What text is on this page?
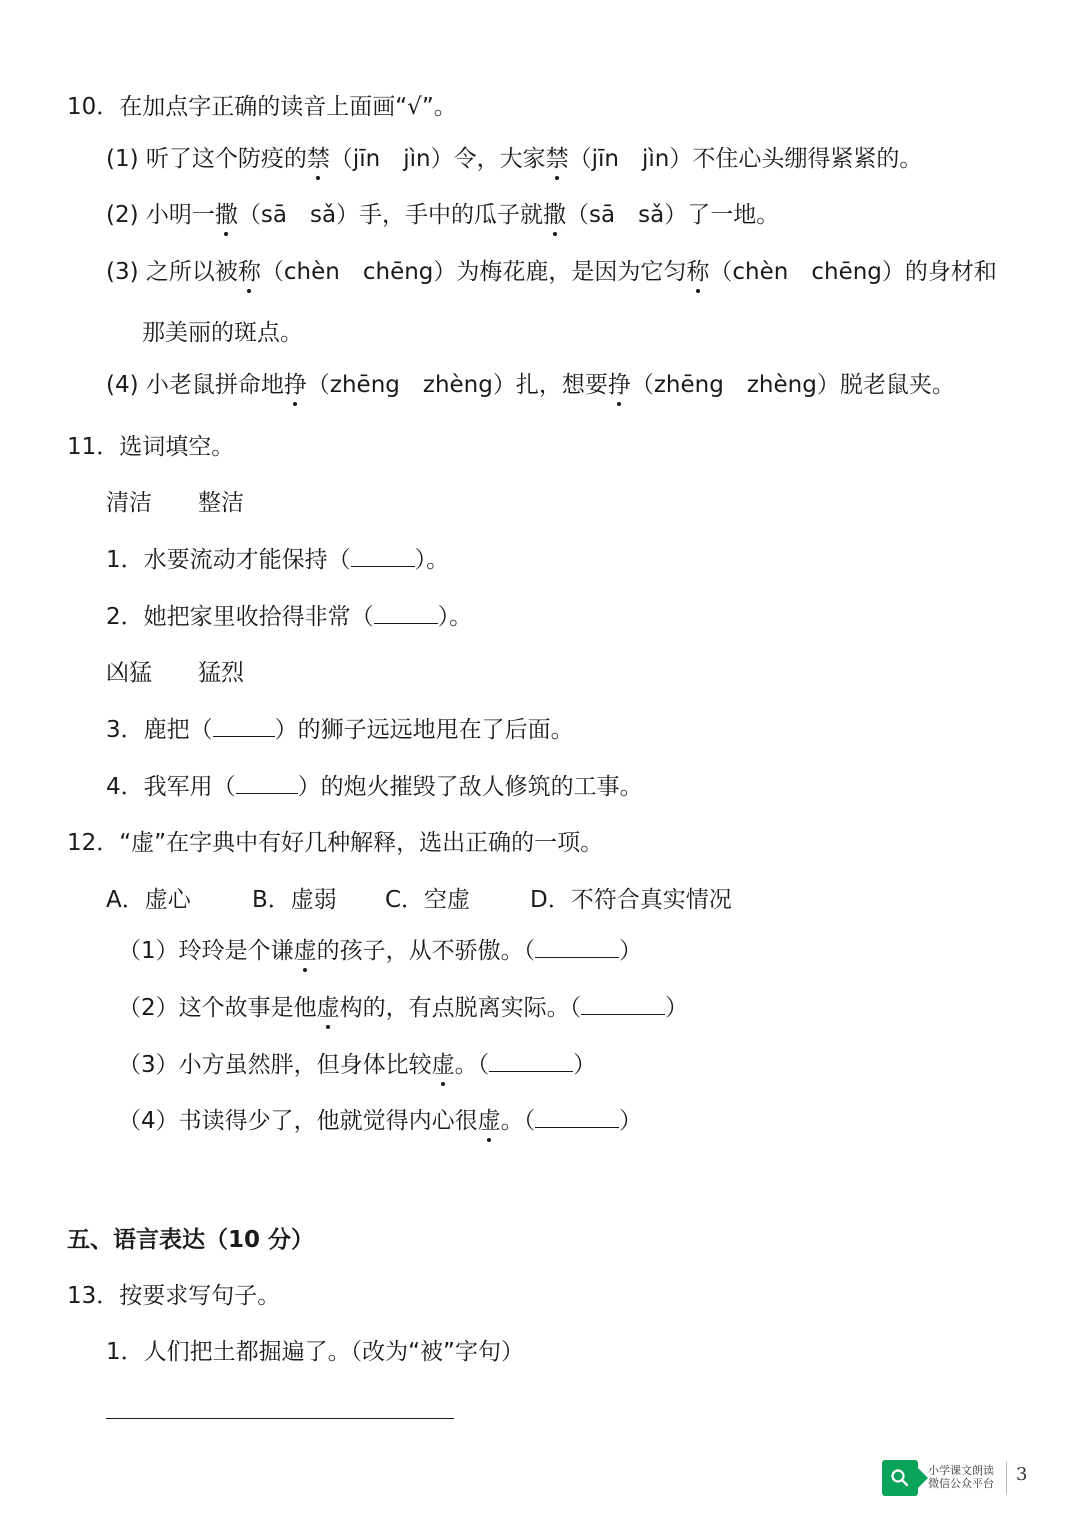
10．在加点字正确的读音上面画“√”。
(1) 听了这个防疫的禁（jīn　jìn）令，大家禁（jīn　jìn）不住心头绷得紧紧的。
(2) 小明一撒（sā　sǎ）手，手中的瓜子就撒（sā　sǎ）了一地。
(3) 之所以被称（chèn　chēng）为梅花鹿，是因为它匀称（chèn　chēng）的身材和
那美丽的斑点。
(4) 小老鼠拼命地挣（zhēng　zhèng）扎，想要挣（zhēng　zhèng）脱老鼠夹。
11．选词填空。
清洁 整洁
1．水要流动才能保持（	）。
2．她把家里收拾得非常（	）。
凶猛 猛烈
3．鹿把（	）的狮子远远地甩在了后面。
4．我军用（	）的炮火摧毁了敌人修筑的工事。
12．“虚”在字典中有好几种解释，选出正确的一项。
A．虚心	B．虚弱 C．空虚	D．不符合真实情况
（1）玲玲是个谦虚的孩子，从不骄傲。（	）
（2）这个故事是他虚构的，有点脱离实际。（	）
（3）小方虽然胖，但身体比较虚。（	）
（4）书读得少了，他就觉得内心很虚。（	）
五、语言表达（10 分）
13．按要求写句子。
1．人们把土都掘遍了。（改为“被”字句）
小学课文朗读
微信公众平台 3
